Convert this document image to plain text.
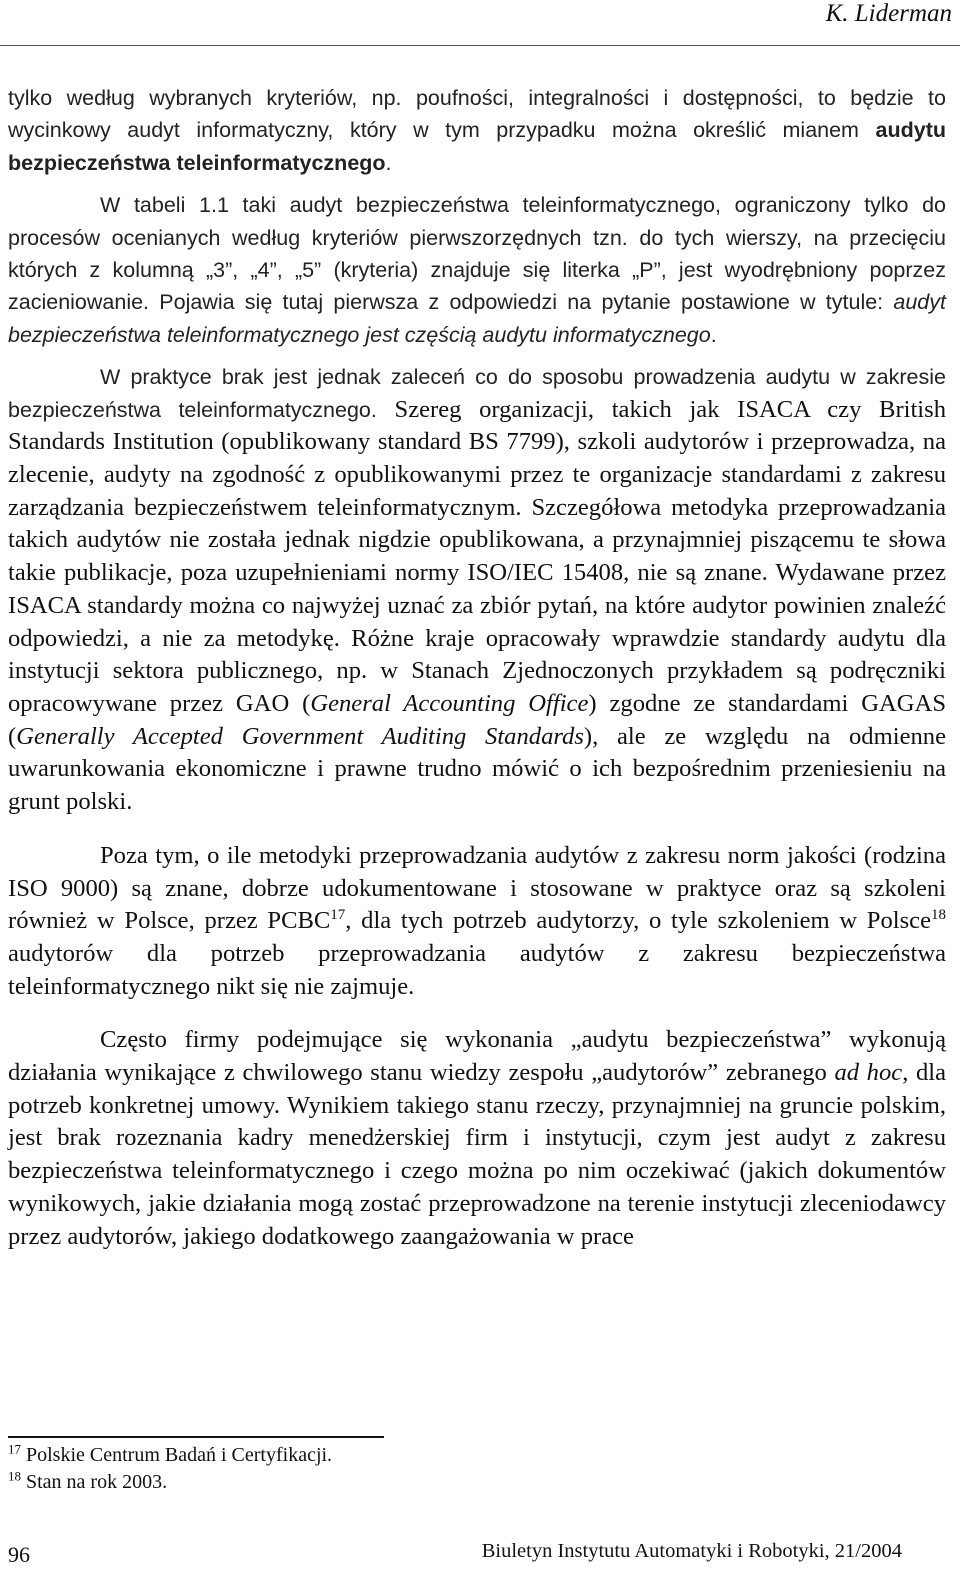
K. Liderman

tylko według wybranych kryteriów, np. poufności, integralności i dostępności, to będzie to wycinkowy audyt informatyczny, który w tym przypadku można określić mianem audytu bezpieczeństwa teleinformatycznego.

W tabeli 1.1 taki audyt bezpieczeństwa teleinformatycznego, ograniczony tylko do procesów ocenianych według kryteriów pierwszorzędnych tzn. do tych wierszy, na przecięciu których z kolumną „3”, „4”, „5” (kryteria) znajduje się literka „P”, jest wyodrębniony poprzez zacieniowanie. Pojawia się tutaj pierwsza z odpowiedzi na pytanie postawione w tytule: audyt bezpieczeństwa teleinformatycznego jest częścią audytu informatycznego.

W praktyce brak jest jednak zaleceń co do sposobu prowadzenia audytu w zakresie bezpieczeństwa teleinformatycznego. Szereg organizacji, takich jak ISACA czy British Standards Institution (opublikowany standard BS 7799), szkoli audytorów i przeprowadza, na zlecenie, audyty na zgodność z opublikowanymi przez te organizacje standardami z zakresu zarządzania bezpieczeństwem teleinformatycznym. Szczegółowa metodyka przeprowadzania takich audytów nie została jednak nigdzie opublikowana, a przynajmniej piszącemu te słowa takie publikacje, poza uzupełnieniami normy ISO/IEC 15408, nie są znane. Wydawane przez ISACA standardy można co najwyżej uznać za zbiór pytań, na które audytor powinien znaleźć odpowiedzi, a nie za metodykę. Różne kraje opracowały wprawdzie standardy audytu dla instytucji sektora publicznego, np. w Stanach Zjednoczonych przykładem są podręczniki opracowywane przez GAO (General Accounting Office) zgodne ze standardami GAGAS (Generally Accepted Government Auditing Standards), ale ze względu na odmienne uwarunkowania ekonomiczne i prawne trudno mówić o ich bezpośrednim przeniesieniu na grunt polski.

Poza tym, o ile metodyki przeprowadzania audytów z zakresu norm jakości (rodzina ISO 9000) są znane, dobrze udokumentowane i stosowane w praktyce oraz są szkoleni również w Polsce, przez PCBC$^{17}$, dla tych potrzeb audytorzy, o tyle szkoleniem w Polsce$^{18}$ audytorów dla potrzeb przeprowadzania audytów z zakresu bezpieczeństwa teleinformatycznego nikt się nie zajmuje.

Często firmy podejmujące się wykonania „audytu bezpieczeństwa” wykonują działania wynikające z chwilowego stanu wiedzy zespołu „audytorów” zebranego ad hoc, dla potrzeb konkretnej umowy. Wynikiem takiego stanu rzeczy, przynajmniej na gruncie polskim, jest brak rozeznania kadry menedżerskiej firm i instytucji, czym jest audyt z zakresu bezpieczeństwa teleinformatycznego i czego można po nim oczekiwać (jakich dokumentów wynikowych, jakie działania mogą zostać przeprowadzone na terenie instytucji zleceniodawcy przez audytorów, jakiego dodatkowego zaangażowania w prace

$^{17}$ Polskie Centrum Badań i Certyfikacji.
$^{18}$ Stan na rok 2003.
96	Biuletyn Instytutu Automatyki i Robotyki, 21/2004
